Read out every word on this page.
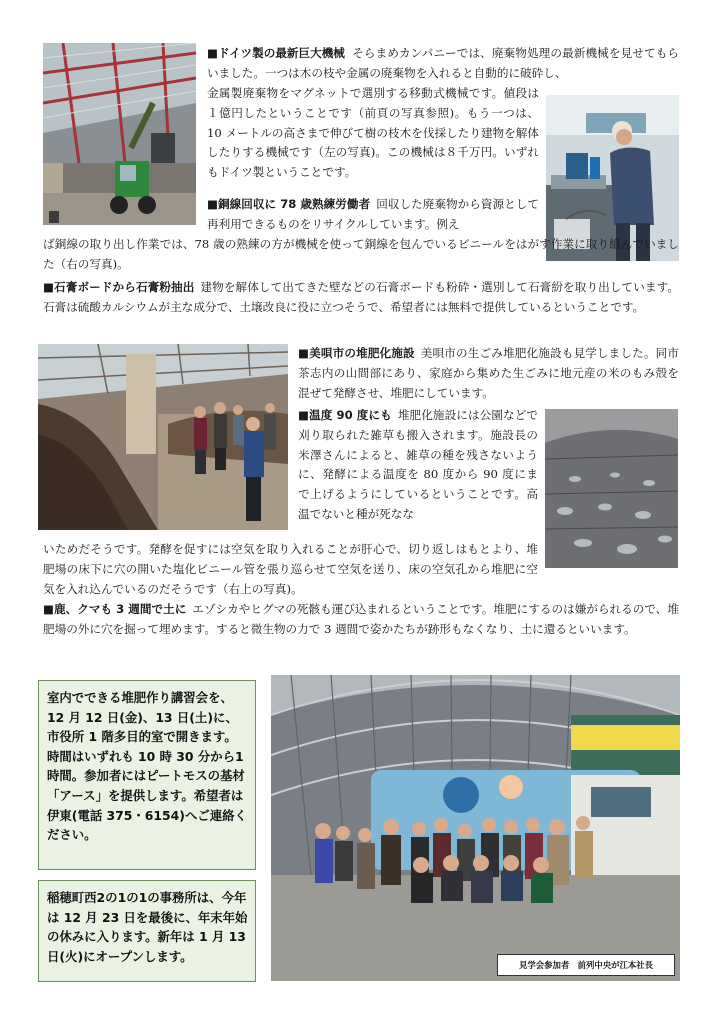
■ドイツ製の最新巨大機械 そらまめカンパニーでは、廃棄物処理の最新機械を見せてもらいました。一つは木の枝や金属の廃棄物を入れると自動的に破砕し、

金属製廃棄物をマグネットで選別する移動式機械です。値段は１億円したということです（前頁の写真参照)。もう一つは、10 メートルの高さまで伸びて樹の枝木を伐採したり建物を解体したりする機械です（左の写真)。この機械は８千万円。いずれもドイツ製ということです。
■銅線回収に 78 歳熟練労働者 回収した廃棄物から資源として再利用できるものをリサイクルしています。例え
ば銅線の取り出し作業では、78 歳の熟練の方が機械を使って銅線を包んでいるビニールをはがす作業に取り組んでいました（右の写真)。
■石膏ボードから石膏粉抽出 建物を解体して出てきた壁などの石膏ボードも粉砕・選別して石膏紛を取り出しています。石膏は硫酸カルシウムが主な成分で、土壌改良に役に立つそうで、希望者には無料で提供しているということです。
■美唄市の堆肥化施設 美唄市の生ごみ堆肥化施設も見学しました。同市茶志内の山間部にあり、家庭から集めた生ごみに地元産の米のもみ殻を混ぜて発酵させ、堆肥にしています。
■温度 90 度にも 堆肥化施設には公園などで刈り取られた雑草も搬入されます。施設長の米澤さんによると、雑草の種を残さないように、発酵による温度を 80 度から 90 度にまで上げるようにしているということです。高温でないと種が死なな
いためだそうです。発酵を促すには空気を取り入れることが肝心で、切り返しはもとより、堆肥場の床下に穴の開いた塩化ビニール管を張り巡らせて空気を送り、床の空気孔から堆肥に空気を入れ込んでいるのだそうです（右上の写真)。
■鹿、クマも 3 週間で土に エゾシカやヒグマの死骸も運び込まれるということです。堆肥にするのは嫌がられるので、堆肥場の外に穴を掘って埋めます。すると微生物の力で 3 週間で姿かたちが跡形もなくなり、土に還るといいます。
室内でできる堆肥作り講習会を、12 月 12 日(金)、13 日(土)に、市役所 1 階多目的室で開きます。時間はいずれも 10 時 30 分から1時間。参加者にはピートモスの基材「アース」を提供します。希望者は伊東(電話 375・6154)へご連絡ください。
稲穂町西2の1の1の事務所は、今年は 12 月 23 日を最後に、年末年始の休みに入ります。新年は 1 月 13 日(火)にオープンします。
見学会参加者　前列中央が江本社長
